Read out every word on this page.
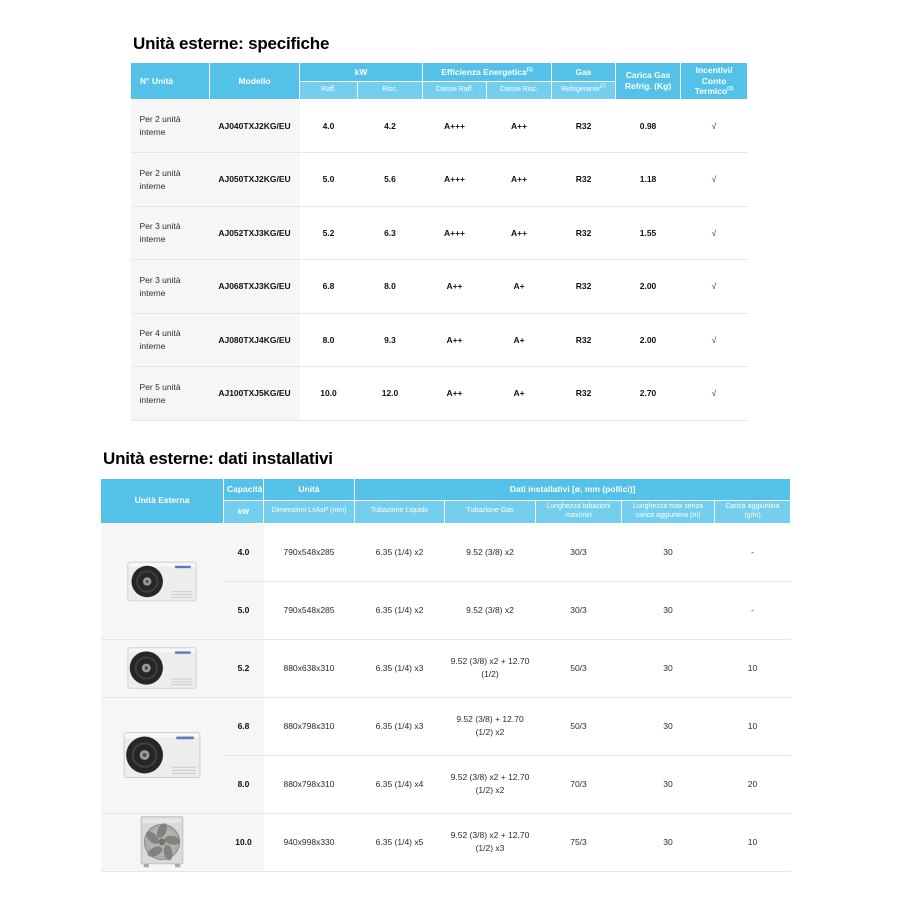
Unità esterne: specifiche
N° Unità	Modello	kW		Efficienza Energetica$^{(1)}$		Gas	Carica Gas Refrig. (Kg)	Incentivi/
Conto Termico$^{(3)}$
		Raff.	Risc.	Classe Raff.	Classe Risc.	Refrigerante$^{(2)}$
Per 2 unità interne	AJ040TXJ2KG/EU	4.0	4.2	A+++	A++	R32	0.98	√
Per 2 unità interne	AJ050TXJ2KG/EU	5.0	5.6	A+++	A++	R32	1.18	√
Per 3 unità interne	AJ052TXJ3KG/EU	5.2	6.3	A+++	A++	R32	1.55	√
Per 3 unità interne	AJ068TXJ3KG/EU	6.8	8.0	A++	A+	R32	2.00	√
Per 4 unità interne	AJ080TXJ4KG/EU	8.0	9.3	A++	A+	R32	2.00	√
Per 5 unità interne	AJ100TXJ5KG/EU	10.0	12.0	A++	A+	R32	2.70	√
Unità esterne: dati installativi
Unità Esterna	Capacità	Unità	Dati installativi [ø, mm (pollici)]				
	kW	Dimensioni LxAxP (mm)	Tubazione Liquido	Tubazione Gas	Lunghezza tubazioni max/min	Lunghezza max senza carica aggiuntiva (m)	Carica aggiuntiva (g/m)

	4.0	790x548x285	6.35 (1/4) x2	9.52 (3/8) x2	30/3	30	-
	5.0	790x548x285	6.35 (1/4) x2	9.52 (3/8) x2	30/3	30	-

	5.2	880x638x310	6.35 (1/4) x3	9.52 (3/8) x2 + 12.70 (1/2)	50/3	30	10

	6.8	880x798x310	6.35 (1/4) x3	9.52 (3/8) + 12.70 (1/2) x2	50/3	30	10
	8.0	880x798x310	6.35 (1/4) x4	9.52 (3/8) x2 + 12.70 (1/2) x2	70/3	30	20

	10.0	940x998x330	6.35 (1/4) x5	9.52 (3/8) x2 + 12.70 (1/2) x3	75/3	30	10
